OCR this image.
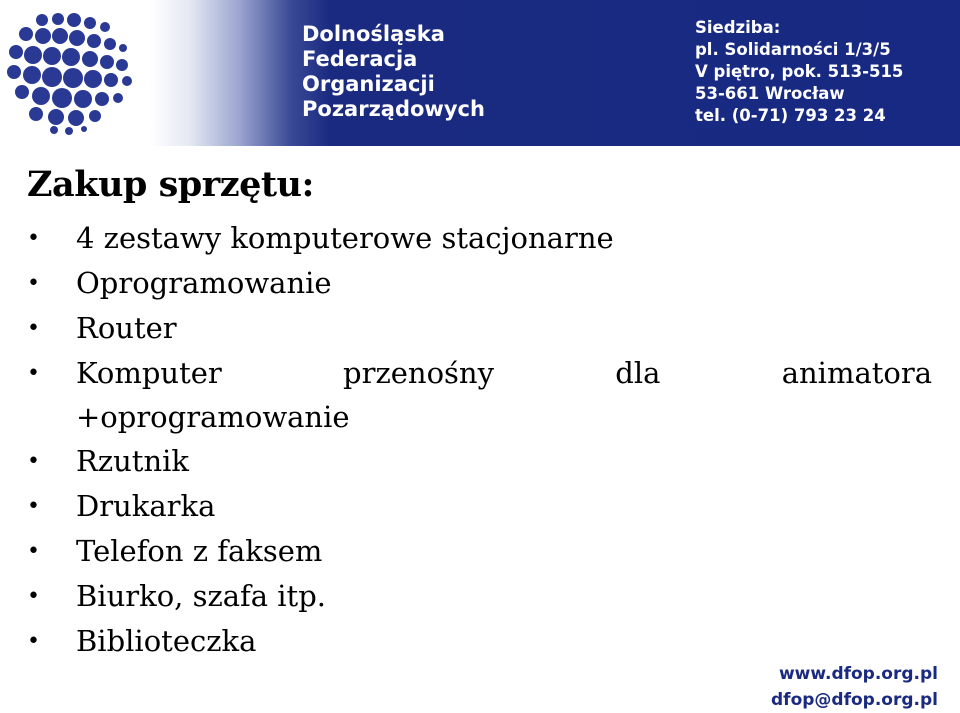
Dolnośląska
Federacja
Organizacji
Pozarządowych
Siedziba:
pl. Solidarności 1/3/5
V piętro, pok. 513-515
53-661 Wrocław
tel. (0-71) 793 23 24
Zakup sprzętu:
• 4 zestawy komputerowe stacjonarne
• Oprogramowanie
• Router
• Komputer	przenośny	dla	animatora
+oprogramowanie
• Rzutnik
• Drukarka
• Telefon z faksem
• Biurko, szafa itp.
• Biblioteczka
www.dfop.org.pl
dfop@dfop.org.pl
